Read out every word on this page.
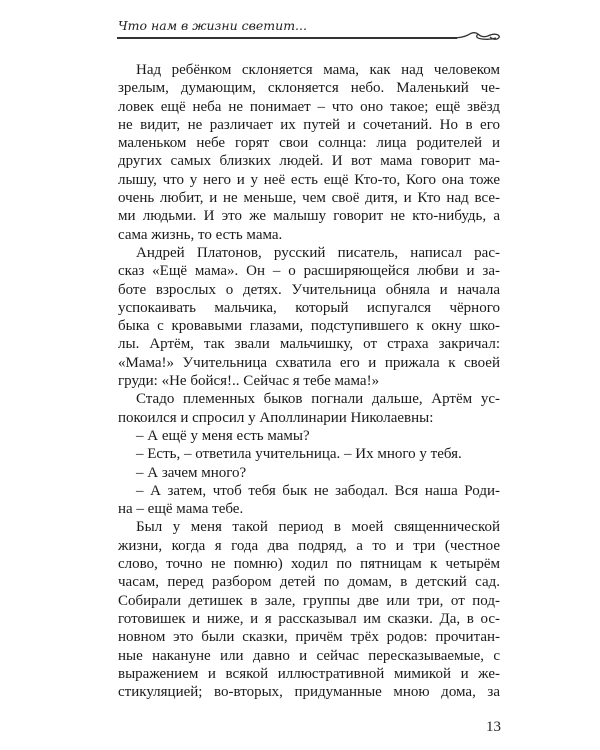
Что нам в жизни светит...
Над ребёнком склоняется мама, как над человеком
зрелым, думающим, склоняется небо. Маленький че-
ловек ещё неба не понимает – что оно такое; ещё звёзд
не видит, не различает их путей и сочетаний. Но в его
маленьком небе горят свои солнца: лица родителей и
других самых близких людей. И вот мама говорит ма-
лышу, что у него и у неё есть ещё Кто-то, Кого она тоже
очень любит, и не меньше, чем своё дитя, и Кто над все-
ми людьми. И это же малышу говорит не кто-нибудь, а
сама жизнь, то есть мама.
Андрей Платонов, русский писатель, написал рас-
сказ «Ещё мама». Он – о расширяющейся любви и за-
боте взрослых о детях. Учительница обняла и начала
успокаивать мальчика, который испугался чёрного
быка с кровавыми глазами, подступившего к окну шко-
лы. Артём, так звали мальчишку, от страха закричал:
«Мама!» Учительница схватила его и прижала к своей
груди: «Не бойся!.. Сейчас я тебе мама!»
Стадо племенных быков погнали дальше, Артём ус-
покоился и спросил у Аполлинарии Николаевны:
– А ещё у меня есть мамы?
– Есть, – ответила учительница. – Их много у тебя.
– А зачем много?
– А затем, чтоб тебя бык не забодал. Вся наша Роди-
на – ещё мама тебе.
Был у меня такой период в моей священнической
жизни, когда я года два подряд, а то и три (честное
слово, точно не помню) ходил по пятницам к четырём
часам, перед разбором детей по домам, в детский сад.
Собирали детишек в зале, группы две или три, от под-
готовишек и ниже, и я рассказывал им сказки. Да, в ос-
новном это были сказки, причём трёх родов: прочитан-
ные накануне или давно и сейчас пересказываемые, с
выражением и всякой иллюстративной мимикой и же-
стикуляцией; во-вторых, придуманные мною дома, за
13
